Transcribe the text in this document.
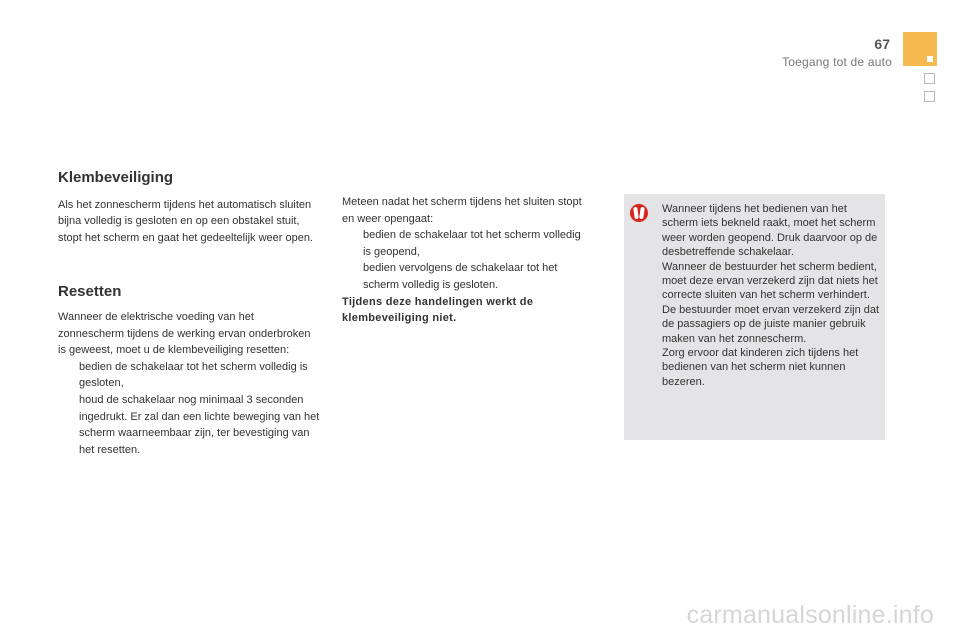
67
Toegang tot de auto
Klembeveiliging

Als het zonnescherm tijdens het automatisch sluiten bijna volledig is gesloten en op een obstakel stuit, stopt het scherm en gaat het gedeeltelijk weer open.

Resetten

Wanneer de elektrische voeding van het zonnescherm tijdens de werking ervan onderbroken is geweest, moet u de klembeveiliging resetten:

bedien de schakelaar tot het scherm volledig is gesloten,
houd de schakelaar nog minimaal 3 seconden ingedrukt. Er zal dan een lichte beweging van het scherm waarneembaar zijn, ter bevestiging van het resetten.

Meteen nadat het scherm tijdens het sluiten stopt en weer opengaat:

bedien de schakelaar tot het scherm volledig is geopend,
bedien vervolgens de schakelaar tot het scherm volledig is gesloten.

Tijdens deze handelingen werkt de klembeveiliging niet.

Wanneer tijdens het bedienen van het scherm iets bekneld raakt, moet het scherm weer worden geopend. Druk daarvoor op de desbetreffende schakelaar.

Wanneer de bestuurder het scherm bedient, moet deze ervan verzekerd zijn dat niets het correcte sluiten van het scherm verhindert.

De bestuurder moet ervan verzekerd zijn dat de passagiers op de juiste manier gebruik maken van het zonnescherm.

Zorg ervoor dat kinderen zich tijdens het bedienen van het scherm niet kunnen bezeren.

carmanualsonline.info
